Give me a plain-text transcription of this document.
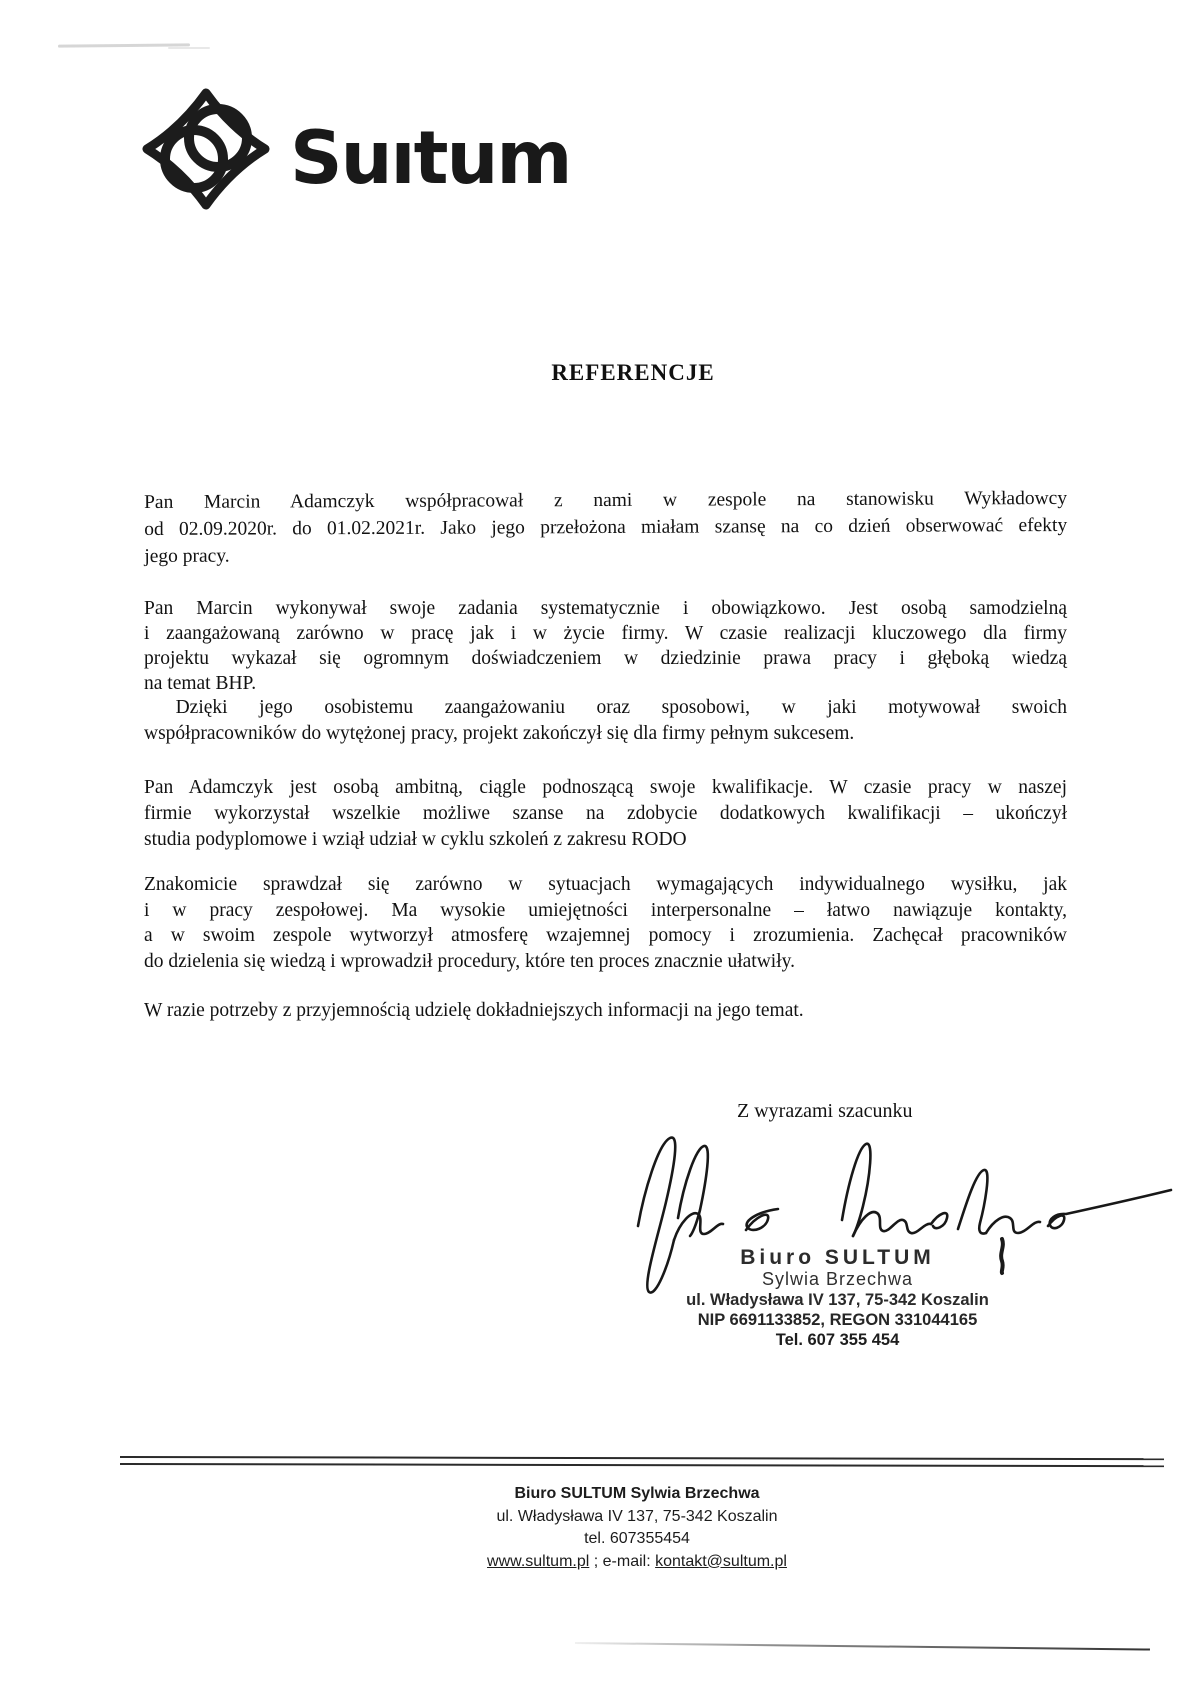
Suıtum
REFERENCJE
Pan Marcin Adamczyk współpracował z nami w zespole na stanowisku Wykładowcy
od 02.09.2020r. do 01.02.2021r. Jako jego przełożona miałam szansę na co dzień obserwować efekty
jego pracy.
Pan Marcin wykonywał swoje zadania systematycznie i obowiązkowo. Jest osobą samodzielną
i zaangażowaną zarówno w pracę jak i w życie firmy. W czasie realizacji kluczowego dla firmy
projektu wykazał się ogromnym doświadczeniem w dziedzinie prawa pracy i głęboką wiedzą
na temat BHP.
Dzięki jego osobistemu zaangażowaniu oraz sposobowi, w jaki motywował swoich
współpracowników do wytężonej pracy, projekt zakończył się dla firmy pełnym sukcesem.
Pan Adamczyk jest osobą ambitną, ciągle podnoszącą swoje kwalifikacje. W czasie pracy w naszej
firmie wykorzystał wszelkie możliwe szanse na zdobycie dodatkowych kwalifikacji – ukończył
studia podyplomowe i wziął udział w cyklu szkoleń z zakresu RODO
Znakomicie sprawdzał się zarówno w sytuacjach wymagających indywidualnego wysiłku, jak
i w pracy zespołowej. Ma wysokie umiejętności interpersonalne – łatwo nawiązuje kontakty,
a w swoim zespole wytworzył atmosferę wzajemnej pomocy i zrozumienia. Zachęcał pracowników
do dzielenia się wiedzą i wprowadził procedury, które ten proces znacznie ułatwiły.
W razie potrzeby z przyjemnością udzielę dokładniejszych informacji na jego temat.
Z wyrazami szacunku
Biuro SULTUM
Sylwia Brzechwa
ul. Władysława IV 137, 75-342 Koszalin
NIP 6691133852, REGON 331044165
Tel. 607 355 454
Biuro SULTUM Sylwia Brzechwa
ul. Władysława IV 137, 75-342 Koszalin
tel. 607355454
www.sultum.pl ; e-mail: kontakt@sultum.pl
